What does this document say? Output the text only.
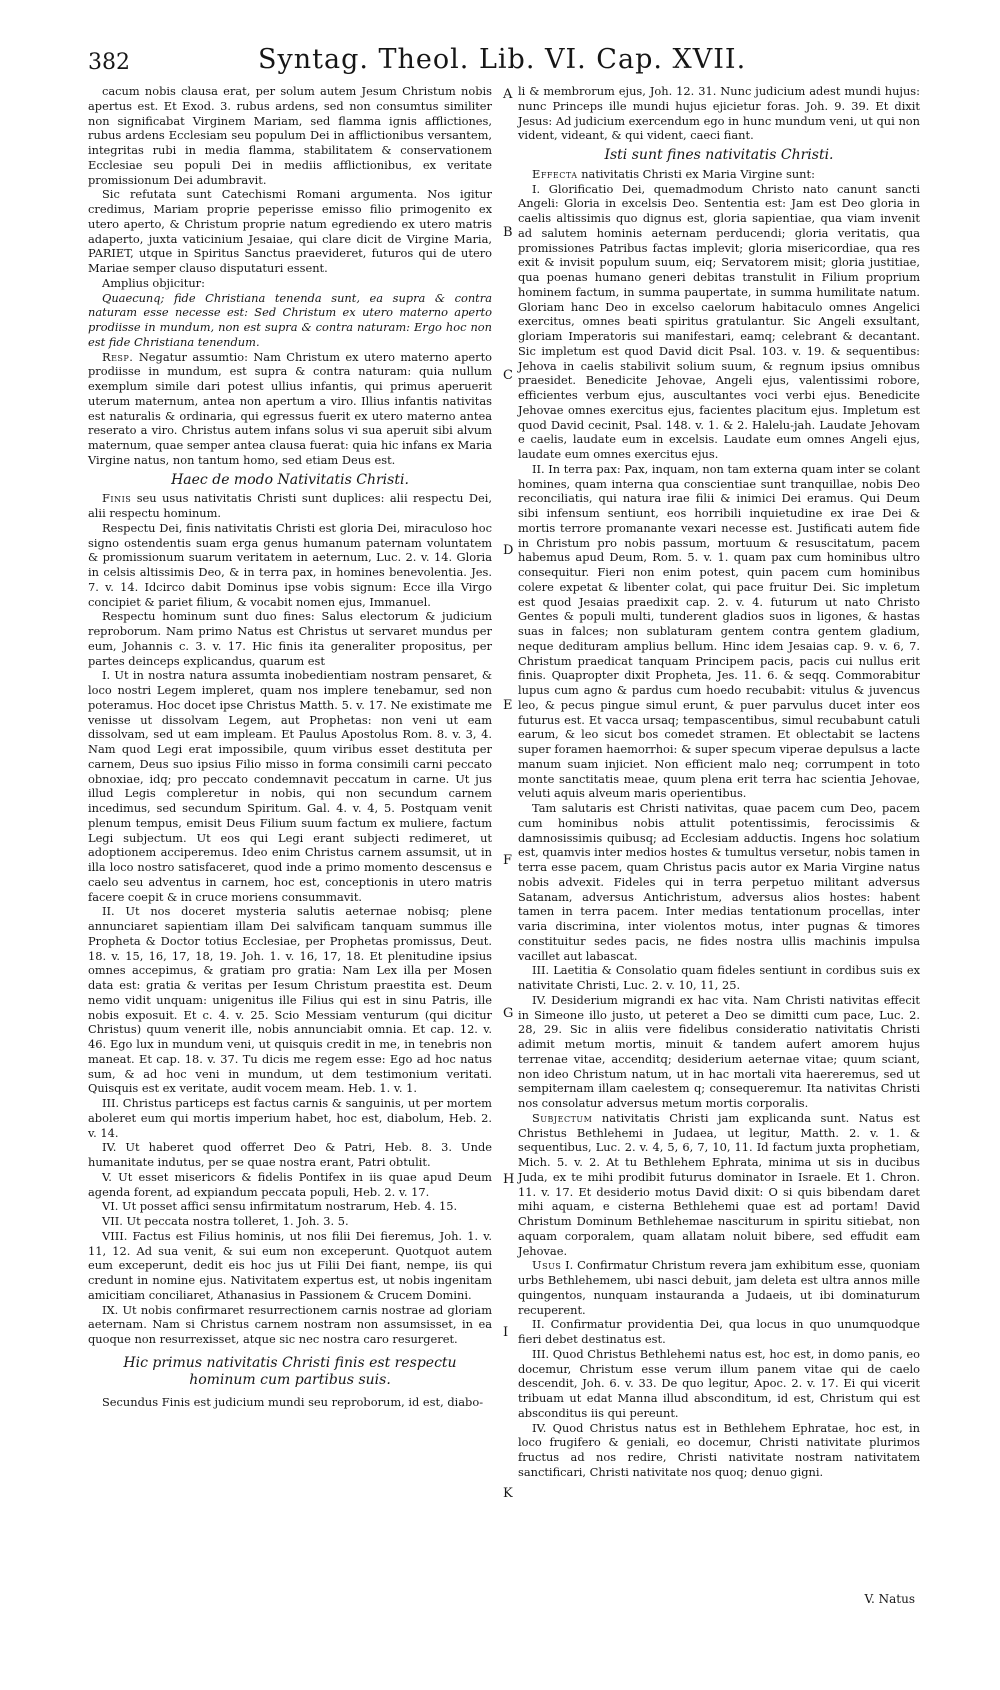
382	Syntag. Theol. Lib. VI. Cap. XVII.

cacum nobis clausa erat, per solum autem Jesum Christum nobis apertus est. Et Exod. 3. rubus ardens, sed non consumtus similiter non significabat Virginem Mariam, sed flamma ignis afflictiones, rubus ardens Ecclesiam seu populum Dei in afflictionibus versantem, integritas rubi in media flamma, stabilitatem & conservationem Ecclesiae seu populi Dei in mediis afflictionibus, ex veritate promissionum Dei adumbravit.

Sic refutata sunt Catechismi Romani argumenta. Nos igitur credimus, Mariam proprie peperisse emisso filio primogenito ex utero aperto, & Christum proprie natum egrediendo ex utero matris adaperto, juxta vaticinium Jesaiae, qui clare dicit de Virgine Maria, PARIET, utque in Spiritus Sanctus praevideret, futuros qui de utero Mariae semper clauso disputaturi essent.

Amplius objicitur:

Quaecunq; fide Christiana tenenda sunt, ea supra & contra naturam esse necesse est: Sed Christum ex utero materno aperto prodiisse in mundum, non est supra & contra naturam: Ergo hoc non est fide Christiana tenendum.

Resp. Negatur assumtio: Nam Christum ex utero materno aperto prodiisse in mundum, est supra & contra naturam: quia nullum exemplum simile dari potest ullius infantis, qui primus aperuerit uterum maternum, antea non apertum a viro. Illius infantis nativitas est naturalis & ordinaria, qui egressus fuerit ex utero materno antea reserato a viro. Christus autem infans solus vi sua aperuit sibi alvum maternum, quae semper antea clausa fuerat: quia hic infans ex Maria Virgine natus, non tantum homo, sed etiam Deus est.

Haec de modo Nativitatis Christi.

Finis seu usus nativitatis Christi sunt duplices: alii respectu Dei, alii respectu hominum.

Respectu Dei, finis nativitatis Christi est gloria Dei, miraculoso hoc signo ostendentis suam erga genus humanum paternam voluntatem & promissionum suarum veritatem in aeternum, Luc. 2. v. 14. Gloria in celsis altissimis Deo, & in terra pax, in homines benevolentia. Jes. 7. v. 14. Idcirco dabit Dominus ipse vobis signum: Ecce illa Virgo concipiet & pariet filium, & vocabit nomen ejus, Immanuel.

Respectu hominum sunt duo fines: Salus electorum & judicium reproborum. Nam primo Natus est Christus ut servaret mundus per eum, Johannis c. 3. v. 17. Hic finis ita generaliter propositus, per partes deinceps explicandus, quarum est

I. Ut in nostra natura assumta inobedientiam nostram pensaret, & loco nostri Legem impleret, quam nos implere tenebamur, sed non poteramus. Hoc docet ipse Christus Matth. 5. v. 17. Ne existimate me venisse ut dissolvam Legem, aut Prophetas: non veni ut eam dissolvam, sed ut eam impleam. Et Paulus Apostolus Rom. 8. v. 3, 4. Nam quod Legi erat impossibile, quum viribus esset destituta per carnem, Deus suo ipsius Filio misso in forma consimili carni peccato obnoxiae, idq; pro peccato condemnavit peccatum in carne. Ut jus illud Legis compleretur in nobis, qui non secundum carnem incedimus, sed secundum Spiritum. Gal. 4. v. 4, 5. Postquam venit plenum tempus, emisit Deus Filium suum factum ex muliere, factum Legi subjectum. Ut eos qui Legi erant subjecti redimeret, ut adoptionem acciperemus. Ideo enim Christus carnem assumsit, ut in illa loco nostro satisfaceret, quod inde a primo momento descensus e caelo seu adventus in carnem, hoc est, conceptionis in utero matris facere coepit & in cruce moriens consummavit.

II. Ut nos doceret mysteria salutis aeternae nobisq; plene annunciaret sapientiam illam Dei salvificam tanquam summus ille Propheta & Doctor totius Ecclesiae, per Prophetas promissus, Deut. 18. v. 15, 16, 17, 18, 19. Joh. 1. v. 16, 17, 18. Et plenitudine ipsius omnes accepimus, & gratiam pro gratia: Nam Lex illa per Mosen data est: gratia & veritas per Iesum Christum praestita est. Deum nemo vidit unquam: unigenitus ille Filius qui est in sinu Patris, ille nobis exposuit. Et c. 4. v. 25. Scio Messiam venturum (qui dicitur Christus) quum venerit ille, nobis annunciabit omnia. Et cap. 12. v. 46. Ego lux in mundum veni, ut quisquis credit in me, in tenebris non maneat. Et cap. 18. v. 37. Tu dicis me regem esse: Ego ad hoc natus sum, & ad hoc veni in mundum, ut dem testimonium veritati. Quisquis est ex veritate, audit vocem meam. Heb. 1. v. 1.

III. Christus particeps est factus carnis & sanguinis, ut per mortem aboleret eum qui mortis imperium habet, hoc est, diabolum, Heb. 2. v. 14.

IV. Ut haberet quod offerret Deo & Patri, Heb. 8. 3. Unde humanitate indutus, per se quae nostra erant, Patri obtulit.

V. Ut esset misericors & fidelis Pontifex in iis quae apud Deum agenda forent, ad expiandum peccata populi, Heb. 2. v. 17.

VI. Ut posset affici sensu infirmitatum nostrarum, Heb. 4. 15.

VII. Ut peccata nostra tolleret, 1. Joh. 3. 5.

VIII. Factus est Filius hominis, ut nos filii Dei fieremus, Joh. 1. v. 11, 12. Ad sua venit, & sui eum non exceperunt. Quotquot autem eum exceperunt, dedit eis hoc jus ut Filii Dei fiant, nempe, iis qui credunt in nomine ejus. Nativitatem expertus est, ut nobis ingenitam amicitiam conciliaret, Athanasius in Passionem & Crucem Domini.

IX. Ut nobis confirmaret resurrectionem carnis nostrae ad gloriam aeternam. Nam si Christus carnem nostram non assumsisset, in ea quoque non resurrexisset, atque sic nec nostra caro resurgeret.

Hic primus nativitatis Christi finis est respectu hominum cum partibus suis.

Secundus Finis est judicium mundi seu reproborum, id est, diabo-

li & membrorum ejus, Joh. 12. 31. Nunc judicium adest mundi hujus: nunc Princeps ille mundi hujus ejicietur foras. Joh. 9. 39. Et dixit Jesus: Ad judicium exercendum ego in hunc mundum veni, ut qui non vident, videant, & qui vident, caeci fiant.

Isti sunt fines nativitatis Christi.

Effecta nativitatis Christi ex Maria Virgine sunt:

I. Glorificatio Dei, quemadmodum Christo nato canunt sancti Angeli: Gloria in excelsis Deo. Sententia est: Jam est Deo gloria in caelis altissimis quo dignus est, gloria sapientiae, qua viam invenit ad salutem hominis aeternam perducendi; gloria veritatis, qua promissiones Patribus factas implevit; gloria misericordiae, qua res exit & invisit populum suum, eiq; Servatorem misit; gloria justitiae, qua poenas humano generi debitas transtulit in Filium proprium hominem factum, in summa paupertate, in summa humilitate natum. Gloriam hanc Deo in excelso caelorum habitaculo omnes Angelici exercitus, omnes beati spiritus gratulantur. Sic Angeli exsultant, gloriam Imperatoris sui manifestari, eamq; celebrant & decantant. Sic impletum est quod David dicit Psal. 103. v. 19. & sequentibus: Jehova in caelis stabilivit solium suum, & regnum ipsius omnibus praesidet. Benedicite Jehovae, Angeli ejus, valentissimi robore, efficientes verbum ejus, auscultantes voci verbi ejus. Benedicite Jehovae omnes exercitus ejus, facientes placitum ejus. Impletum est quod David cecinit, Psal. 148. v. 1. & 2. Halelu-jah. Laudate Jehovam e caelis, laudate eum in excelsis. Laudate eum omnes Angeli ejus, laudate eum omnes exercitus ejus.

II. In terra pax: Pax, inquam, non tam externa quam inter se colant homines, quam interna qua conscientiae sunt tranquillae, nobis Deo reconciliatis, qui natura irae filii & inimici Dei eramus. Qui Deum sibi infensum sentiunt, eos horribili inquietudine ex irae Dei & mortis terrore promanante vexari necesse est. Justificati autem fide in Christum pro nobis passum, mortuum & resuscitatum, pacem habemus apud Deum, Rom. 5. v. 1. quam pax cum hominibus ultro consequitur. Fieri non enim potest, quin pacem cum hominibus colere expetat & libenter colat, qui pace fruitur Dei. Sic impletum est quod Jesaias praedixit cap. 2. v. 4. futurum ut nato Christo Gentes & populi multi, tunderent gladios suos in ligones, & hastas suas in falces; non sublaturam gentem contra gentem gladium, neque dedituram amplius bellum. Hinc idem Jesaias cap. 9. v. 6, 7. Christum praedicat tanquam Principem pacis, pacis cui nullus erit finis. Quapropter dixit Propheta, Jes. 11. 6. & seqq. Commorabitur lupus cum agno & pardus cum hoedo recubabit: vitulus & juvencus leo, & pecus pingue simul erunt, & puer parvulus ducet inter eos futurus est. Et vacca ursaq; tempascentibus, simul recubabunt catuli earum, & leo sicut bos comedet stramen. Et oblectabit se lactens super foramen haemorrhoi: & super specum viperae depulsus a lacte manum suam injiciet. Non efficient malo neq; corrumpent in toto monte sanctitatis meae, quum plena erit terra hac scientia Jehovae, veluti aquis alveum maris operientibus.

Tam salutaris est Christi nativitas, quae pacem cum Deo, pacem cum hominibus nobis attulit potentissimis, ferocissimis & damnosissimis quibusq; ad Ecclesiam adductis. Ingens hoc solatium est, quamvis inter medios hostes & tumultus versetur, nobis tamen in terra esse pacem, quam Christus pacis autor ex Maria Virgine natus nobis advexit. Fideles qui in terra perpetuo militant adversus Satanam, adversus Antichristum, adversus alios hostes: habent tamen in terra pacem. Inter medias tentationum procellas, inter varia discrimina, inter violentos motus, inter pugnas & timores constituitur sedes pacis, ne fides nostra ullis machinis impulsa vacillet aut labascat.

III. Laetitia & Consolatio quam fideles sentiunt in cordibus suis ex nativitate Christi, Luc. 2. v. 10, 11, 25.

IV. Desiderium migrandi ex hac vita. Nam Christi nativitas effecit in Simeone illo justo, ut peteret a Deo se dimitti cum pace, Luc. 2. 28, 29. Sic in aliis vere fidelibus consideratio nativitatis Christi adimit metum mortis, minuit & tandem aufert amorem hujus terrenae vitae, accenditq; desiderium aeternae vitae; quum sciant, non ideo Christum natum, ut in hac mortali vita haereremus, sed ut sempiternam illam caelestem q; consequeremur. Ita nativitas Christi nos consolatur adversus metum mortis corporalis.

Subjectum nativitatis Christi jam explicanda sunt. Natus est Christus Bethlehemi in Judaea, ut legitur, Matth. 2. v. 1. & sequentibus, Luc. 2. v. 4, 5, 6, 7, 10, 11. Id factum juxta prophetiam, Mich. 5. v. 2. At tu Bethlehem Ephrata, minima ut sis in ducibus Juda, ex te mihi prodibit futurus dominator in Israele. Et 1. Chron. 11. v. 17. Et desiderio motus David dixit: O si quis bibendam daret mihi aquam, e cisterna Bethlehemi quae est ad portam! David Christum Dominum Bethlehemae nasciturum in spiritu sitiebat, non aquam corporalem, quam allatam noluit bibere, sed effudit eam Jehovae.

Usus I. Confirmatur Christum revera jam exhibitum esse, quoniam urbs Bethlehemem, ubi nasci debuit, jam deleta est ultra annos mille quingentos, nunquam instauranda a Judaeis, ut ibi dominaturum recuperent.

II. Confirmatur providentia Dei, qua locus in quo unumquodque fieri debet destinatus est.

III. Quod Christus Bethlehemi natus est, hoc est, in domo panis, eo docemur, Christum esse verum illum panem vitae qui de caelo descendit, Joh. 6. v. 33. De quo legitur, Apoc. 2. v. 17. Ei qui vicerit tribuam ut edat Manna illud absconditum, id est, Christum qui est absconditus iis qui pereunt.

IV. Quod Christus natus est in Bethlehem Ephratae, hoc est, in loco frugifero & geniali, eo docemur, Christi nativitate plurimos fructus ad nos redire, Christi nativitate nostram nativitatem sanctificari, Christi nativitate nos quoq; denuo gigni.

A
B
C
D
E
F
G
H
I
K
V. Natus
